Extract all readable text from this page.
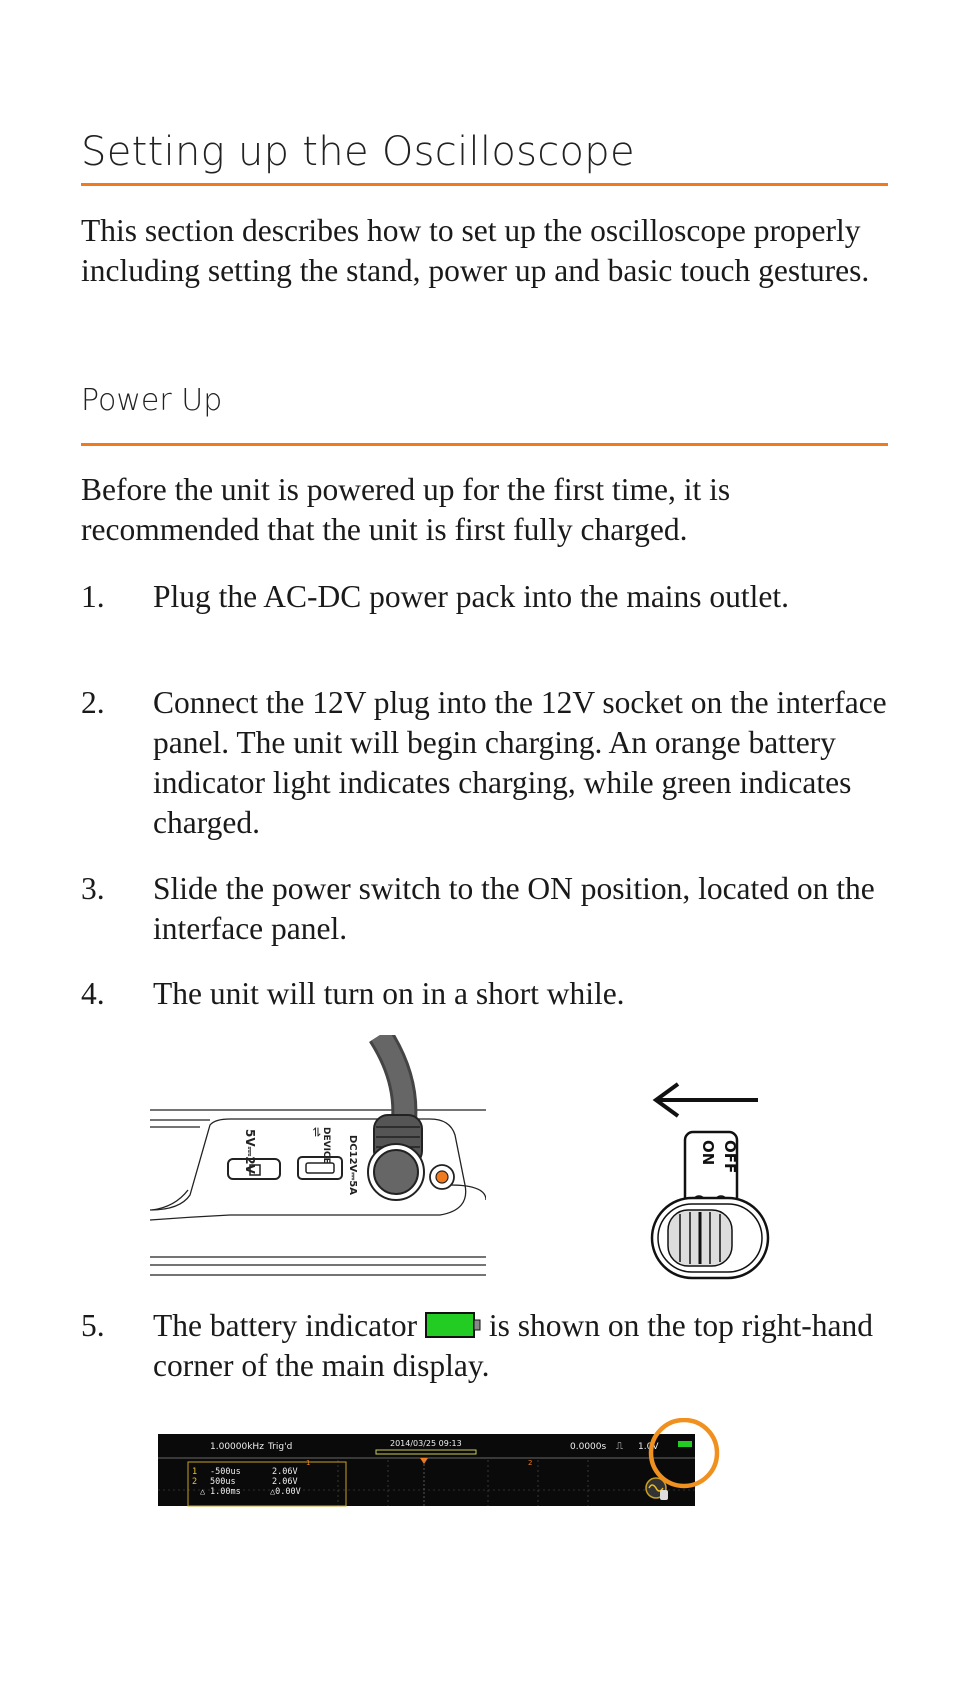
Setting up the Oscilloscope

This section describes how to set up the oscilloscope properly including setting the stand, power up and basic touch gestures.

Power Up

Before the unit is powered up for the first time, it is recommended that the unit is first fully charged.

1. Plug the AC-DC power pack into the mains outlet.
2. Connect the 12V plug into the 12V socket on the interface panel. The unit will begin charging. An orange battery indicator light indicates charging, while green indicates charged.
3. Slide the power switch to the ON position, located on the interface panel.
4. The unit will turn on in a short while.
5V⎓2V	⇌
DEVICE DC12V⎓5A	ON OFF
5. The battery indicator  is shown on the top right-hand corner of the main display.
1.00000kHz Trig'd	2014/03/25 09:13	0.0000s ⎍ 1.0V
1	2
1 -500us	2.06V
2 500us	2.06V
△ 1.00ms	△0.00V
